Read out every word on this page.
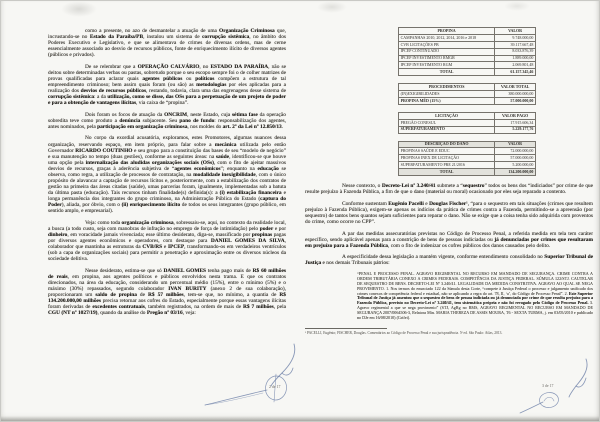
como a presente, no azo de desmantelar a atuação de uma Organização Criminosa que, incrustando-se no Estado da Paraíba/PB, instalou um sistema de corrupção sistêmica, no âmbito dos Poderes Executivo e Legislativo, e que se alimentava de crimes de diversas ordens, mas de cerne essencialmente associado ao desvio de recursos públicos, fonte de enriquecimento ilícito de diversos agentes (públicos e privados).

De se relembrar que a OPERAÇÃO CALVÁRIO, no ESTADO DA PARAÍBA, não se deitou sobre determinadas verbas ou pastas, sobretudo porque o seu escopo sempre foi o de colher matrizes de provas qualificadas para aclarar quais agentes públicos ou políticos compõem a estrutura de tal empreendimento criminoso; bem assim quais foram (ou são) as metodologias por eles aplicadas para a realização dos desvios de recursos públicos, restando, todavia, clara uma das engrenagens desse sistema de corrupção sistêmica: a da utilização, como se disse, das OSs para a perpetuação de um projeto de poder e para a obtenção de vantagens ilícitas, via caixa de “propina”.

Dois foram os focos de atuação da ONCRIM, neste Estado, cuja sétima fase da operação sobredita teve como produto a denúncia subjacente. Seu pano de fundo: responsabilização dos agentes, antes nominados, pela participação em organização criminosa, nos moldes do art. 2º da Lei nº 12.850/13.

No corpo da exordial acusatória, exploramos, estes Promotores, algumas nuances dessa organização, reservando espaço, em item próprio, para falar sobre a mecânica utilizada pelo então Governador RICARDO COUTINHO e seu grupo para a constituição das bases de seu “modelo de negócio” e sua manutenção no tempo (duas gestões), conforme as seguintes áreas: na saúde, identificou-se que houve uma opção pela internalização das aludidas organizações sociais (OSs), com o fito de ajeitar massivos desvios de recursos, graças à aderência subjetiva de “agentes econômicos”; enquanto na educação se observa, como regra, a utilização de processos de contratação, na modalidade inexigibilidade, com o único propósito de alavancar a captação de recursos lícitos e, posteriormente, com a estabilização dos contratos de gestão na primeira das áreas citadas (saúde), umas parcerias foram, igualmente, implementadas sob a batuta da última pasta (educação). Tais recursos tinham finalidade(s) definida(s): a (i) estabilização financeira e longa permanência dos integrantes do grupo criminoso, na Administração Pública do Estado (captura do Poder), aliada, por óbvio, com o (ii) enriquecimento ilícito de todos os seus integrantes (grupo público, em sentido amplo, e empresarial).

Veja: como toda organização criminosa, sobressaiu-se, aqui, no contexto da realidade local, a busca (a todo custo, seja com manobras de infração no emprego de força de intimidação) pelo poder e por dinheiro, em voracidade jamais vivenciada; esse último desiderato, diga-se, massificado por propinas pagas por diversos agentes econômicos e operadores, com destaque para DANIEL GOMES DA SILVA, colaborador que mantinha as estruturas da CVB/RS e IPCEP, transformando-os em verdadeiros ventrículos (sob a capa de organizações sociais) para permitir a penetração e aproximação entre os diversos núcleos da sociedade delitiva.

Nesse desiderato, estima-se que só DANIEL GOMES tenha pago mais de R$ 60 milhões de reais, em propina, aos agentes políticos e públicos envolvidos nesta trama. E que os contratos direcionados, na área da educação, considerando um percentual médio (15%), entre o mínimo (5%) e o máximo (30%) repassados, segundo colaborador IVAN BURITY (anexo 2 de sua colaboração), proporcionaram um saldo de propina de R$ 57 milhões, tem-se que, no mínimo, a quantia de R$ 134.200.000,00 milhões precisa retornar aos cofres do Estado, especialmente porque essas vantagens ilícitas foram derivadas de excedentes contratuais, também registrados, na ordem de mais de R$ 7 milhões, pela CGU (NT nº 1027/19), quando da análise do Pregão nº 03/16, veja:

PROPINA	VALOR
CAMPANHAS 2010, 2012, 2014, 2016 e 2018	9.748.000,00
CVB LICITAÇÕES PB	39.117.667,48
IPCEP CONTINUADO	8.033.876,39
IPCEP INVESTIMENTO RMGR	1.889.000,00
IPCEP INVESTIMENTO RGM	2.069.801,48
TOTAL	61.157.345,46
PROCEDIMENTOS	VALOR TOTAL
(IN)EXIGIBILIDADES	380.000.000,00
PROPINA MÉD (15%)	57.000.000,00
LICITAÇÃO	VALOR PAGO
PREGÃO CONESUL	17.915.606,34
SUPERFATURAMENTO	5.229.177,76
DESCRIÇÃO DO DANO	VALOR
PROPINAS SAÚDE E EDUC	72.000.000,00
PROPINAS INEX DE LICITAÇÃO	57.000.000,00
SUPERFATURAMENTO PRE 21/2016	5.200.000,00
TOTAL	134.200.000,00

Nesse contexto, o Decreto-Lei nº 3.240/41 submete a “sequestro” todos os bens dos “indiciados” por crime de que resulte prejuízo à Fazenda Pública, a fim de que o dano (material ou moral) ocasionado por eles seja reparado a contento.

Conforme sustentam Eugênio Pacelli e Douglas Fischer¹, “para o sequestro em tais situações (crimes que resultem prejuízo à Fazenda Pública), exigem-se apenas os indícios da prática de crimes contra a Fazenda, permitindo-se a apreensão (por sequestro) de tantos bens quantos sejam suficientes para reparar o dano. Não se exige que a coisa tenha sido adquirida com proventos do crime, como ocorre no CPP”.

A par das medidas assecuratórias previstas no Código de Processo Penal, a referida medida em tela tem caráter específico, sendo aplicável apenas para a constrição de bens de pessoas indiciadas ou já denunciadas por crimes que resultaram em prejuízo para a Fazenda Pública, com o fito de indenizar os cofres públicos dos danos causados pelo delito.

A especificidade dessa legislação a mantém vigente, conforme entendimento consolidado no Superior Tribunal de Justiça e nos demais Tribunais pátrios:

“PENAL E PROCESSO PENAL. AGRAVO REGIMENTAL NO RECURSO EM MANDADO DE SEGURANÇA. CRIME CONTRA A ORDEM TRIBUTÁRIA CONEXO A CRIMES FEDERAIS. COMPETÊNCIA DA JUSTIÇA FEDERAL. SÚMULA 122/STJ. CAUTELAR DE SEQUESTRO DE BENS. DECRETO-LEI Nº 3.240/41. LEGALIDADE DA MEDIDA CONSTRITIVA. AGRAVO AO QUAL SE NEGA PROVIMENTO. 1. Nos termos do enunciado 122 da Súmula desta Corte, “compete à Justiça Federal o processo e julgamento unificado dos crimes conexos de competência federal e estadual, não se aplicando a regra do art. 78, II, ‘a’, do Código de Processo Penal”. 2. Este Superior Tribunal de Justiça já assentou que o sequestro de bens de pessoa indiciada ou já denunciada por crime de que resulta prejuízo para a Fazenda Pública, previsto no Decreto-Lei nº 3.240/41, tem sistemática própria e não foi revogado pelo Código de Processo Penal. 3. Agravo regimental a que se nega provimento” (STJ, AgRg no RMS, AGRAVO REGIMENTAL NO RECURSO EM MANDADO DE SEGURANÇA 2007/0064506-3, Relatora Min. MARIA THEREZA DE ASSIS MOURA, T6 - SEXTA TURMA, j. em 03/05/2010 e publicado no DJe em 16/08/2010) (Grifei).

¹ PACELLI, Eugênio; FISCHER, Douglas. Comentários ao Código de Processo Penal e sua jurisprudência. 5ª ed. São Paulo: Atlas, 2013.

2 de 17	3 de 17
